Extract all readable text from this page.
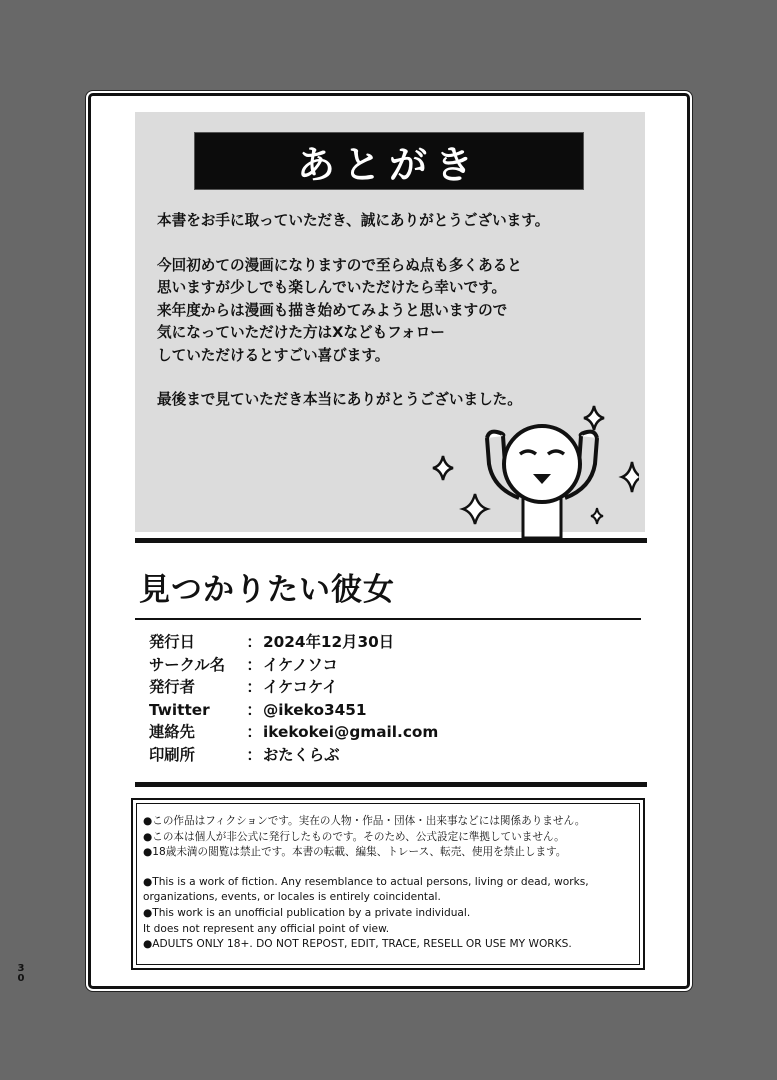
あとがき

本書をお手に取っていただき、誠にありがとうございます。

今回初めての漫画になりますので至らぬ点も多くあると

思いますが少しでも楽しんでいただけたら幸いです。

来年度からは漫画も描き始めてみようと思いますので

気になっていただけた方はXなどもフォロー

していただけるとすごい喜びます。

最後まで見ていただき本当にありがとうございました。

見つかりたい彼女
発行日	： 2024年12月30日
サークル名	： イケノソコ
発行者	： イケコケイ
Twitter	： @ikeko3451
連絡先	： ikekokei@gmail.com
印刷所	： おたくらぶ

●この作品はフィクションです。実在の人物・作品・団体・出来事などには関係ありません。

●この本は個人が非公式に発行したものです。そのため、公式設定に準拠していません。

●18歳未満の閲覧は禁止です。本書の転載、編集、トレース、転売、使用を禁止します。

●This is a work of fiction. Any resemblance to actual persons, living or dead, works,

organizations, events, or locales is entirely coincidental.

●This work is an unofficial publication by a private individual.

It does not represent any official point of view.

●ADULTS ONLY 18+. DO NOT REPOST, EDIT, TRACE, RESELL OR USE MY WORKS.

3
0
